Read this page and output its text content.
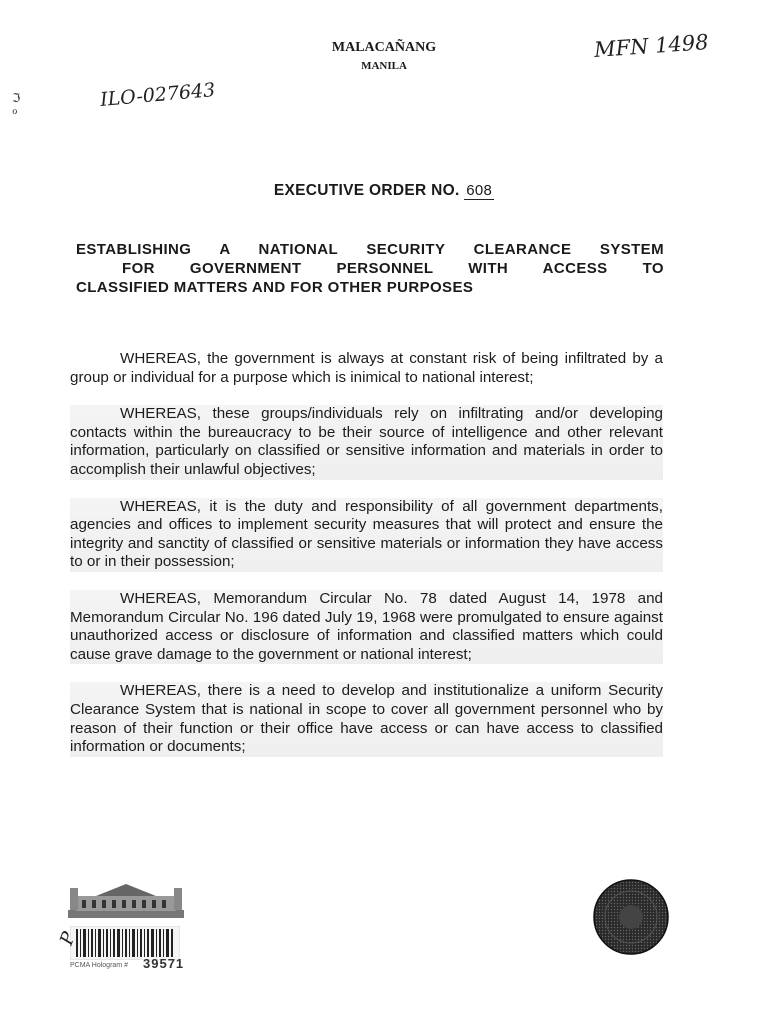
MALACAÑANG
MANILA
MFN 1498
ILO-027643
ℑ
ℴ
EXECUTIVE ORDER NO. 608
ESTABLISHING A NATIONAL SECURITY CLEARANCE SYSTEM
FOR GOVERNMENT PERSONNEL WITH ACCESS TO
CLASSIFIED MATTERS AND FOR OTHER PURPOSES

WHEREAS, the government is always at constant risk of being infiltrated by a group or individual for a purpose which is inimical to national interest;

WHEREAS, these groups/individuals rely on infiltrating and/or developing contacts within the bureaucracy to be their source of intelligence and other relevant information, particularly on classified or sensitive information and materials in order to accomplish their unlawful objectives;

WHEREAS, it is the duty and responsibility of all government departments, agencies and offices to implement security measures that will protect and ensure the integrity and sanctity of classified or sensitive materials or information they have access to or in their possession;

WHEREAS, Memorandum Circular No. 78 dated August 14, 1978 and Memorandum Circular No. 196 dated July 19, 1968 were promulgated to ensure against unauthorized access or disclosure of information and classified matters which could cause grave damage to the government or national interest;

WHEREAS, there is a need to develop and institutionalize a uniform Security Clearance System that is national in scope to cover all government personnel who by reason of their function or their office have access or can have access to classified information or documents;

P
PCMA Hologram # 39571
